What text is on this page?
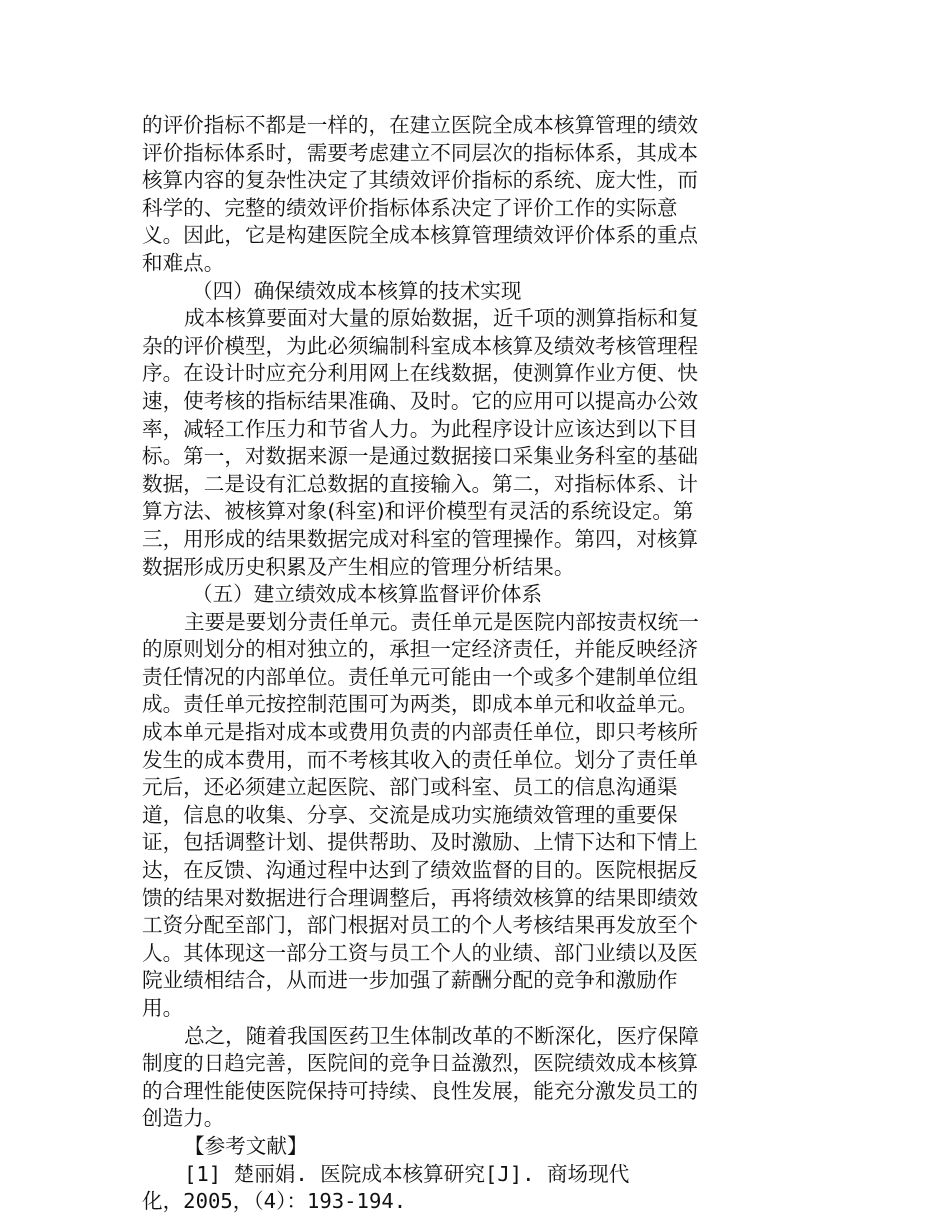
的评价指标不都是一样的，在建立医院全成本核算管理的绩效
评价指标体系时，需要考虑建立不同层次的指标体系，其成本
核算内容的复杂性决定了其绩效评价指标的系统、庞大性，而
科学的、完整的绩效评价指标体系决定了评价工作的实际意
义。因此，它是构建医院全成本核算管理绩效评价体系的重点
和难点。
（四）确保绩效成本核算的技术实现
成本核算要面对大量的原始数据，近千项的测算指标和复
杂的评价模型，为此必须编制科室成本核算及绩效考核管理程
序。在设计时应充分利用网上在线数据，使测算作业方便、快
速，使考核的指标结果准确、及时。它的应用可以提高办公效
率，减轻工作压力和节省人力。为此程序设计应该达到以下目
标。第一，对数据来源一是通过数据接口采集业务科室的基础
数据，二是设有汇总数据的直接输入。第二，对指标体系、计
算方法、被核算对象(科室)和评价模型有灵活的系统设定。第
三，用形成的结果数据完成对科室的管理操作。第四，对核算
数据形成历史积累及产生相应的管理分析结果。
（五）建立绩效成本核算监督评价体系
主要是要划分责任单元。责任单元是医院内部按责权统一
的原则划分的相对独立的，承担一定经济责任，并能反映经济
责任情况的内部单位。责任单元可能由一个或多个建制单位组
成。责任单元按控制范围可为两类，即成本单元和收益单元。
成本单元是指对成本或费用负责的内部责任单位，即只考核所
发生的成本费用，而不考核其收入的责任单位。划分了责任单
元后，还必须建立起医院、部门或科室、员工的信息沟通渠
道，信息的收集、分享、交流是成功实施绩效管理的重要保
证，包括调整计划、提供帮助、及时激励、上情下达和下情上
达，在反馈、沟通过程中达到了绩效监督的目的。医院根据反
馈的结果对数据进行合理调整后，再将绩效核算的结果即绩效
工资分配至部门，部门根据对员工的个人考核结果再发放至个
人。其体现这一部分工资与员工个人的业绩、部门业绩以及医
院业绩相结合，从而进一步加强了薪酬分配的竞争和激励作
用。
总之，随着我国医药卫生体制改革的不断深化，医疗保障
制度的日趋完善，医院间的竞争日益激烈，医院绩效成本核算
的合理性能使医院保持可持续、良性发展，能充分激发员工的
创造力。
【参考文献】
[1] 楚丽娟. 医院成本核算研究[J]. 商场现代
化，2005，（4）：193-194.
